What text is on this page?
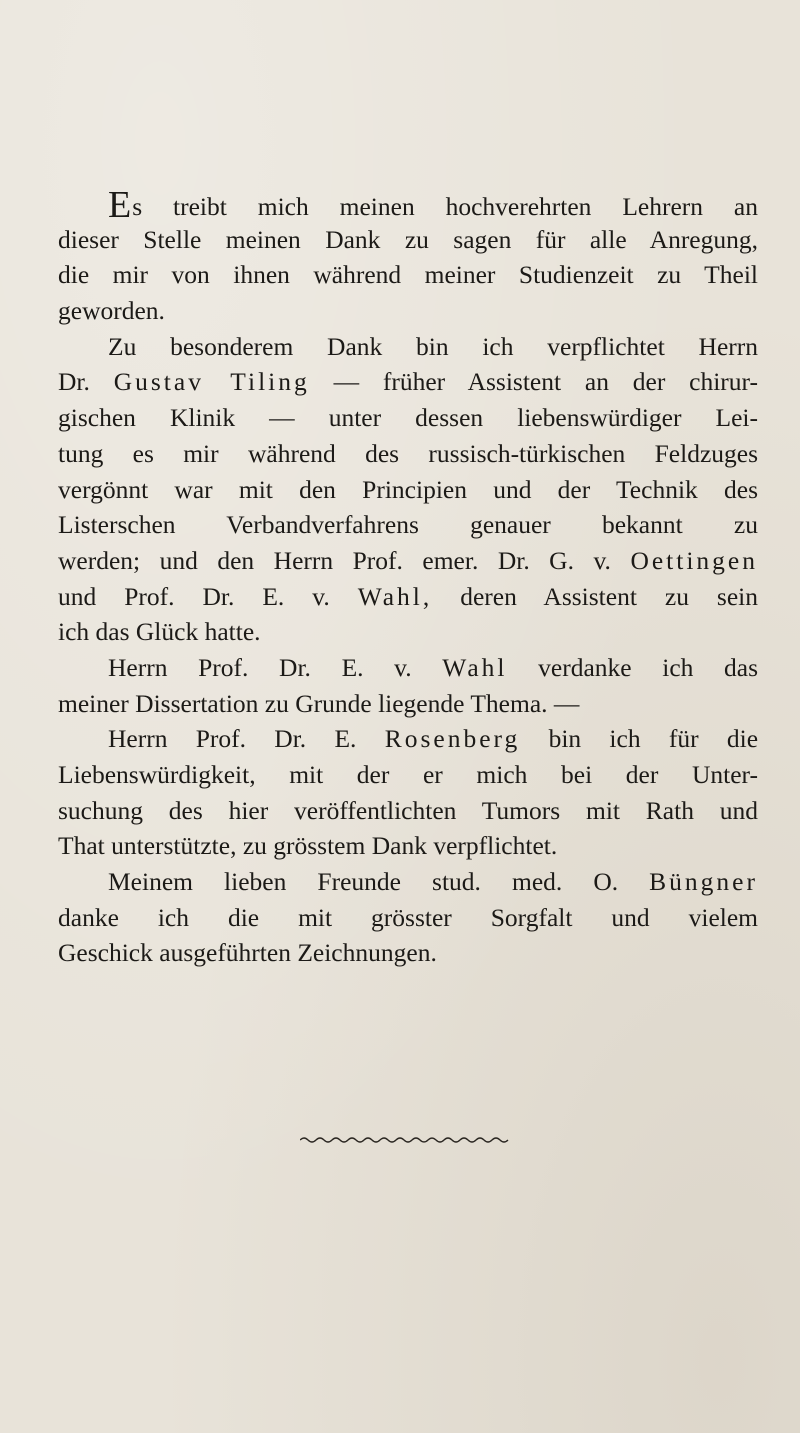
Es treibt mich meinen hochverehrten Lehrern an
dieser Stelle meinen Dank zu sagen für alle Anregung,
die mir von ihnen während meiner Studienzeit zu Theil
geworden.
Zu besonderem Dank bin ich verpflichtet Herrn
Dr. Gustav Tiling — früher Assistent an der chirur-
gischen Klinik — unter dessen liebenswürdiger Lei-
tung es mir während des russisch-türkischen Feldzuges
vergönnt war mit den Principien und der Technik des
Listerschen Verbandverfahrens genauer bekannt zu
werden; und den Herrn Prof. emer. Dr. G. v. Oettingen
und Prof. Dr. E. v. Wahl, deren Assistent zu sein
ich das Glück hatte.
Herrn Prof. Dr. E. v. Wahl verdanke ich das
meiner Dissertation zu Grunde liegende Thema. —
Herrn Prof. Dr. E. Rosenberg bin ich für die
Liebenswürdigkeit, mit der er mich bei der Unter-
suchung des hier veröffentlichten Tumors mit Rath und
That unterstützte, zu grösstem Dank verpflichtet.
Meinem lieben Freunde stud. med. O. Büngner
danke ich die mit grösster Sorgfalt und vielem
Geschick ausgeführten Zeichnungen.
